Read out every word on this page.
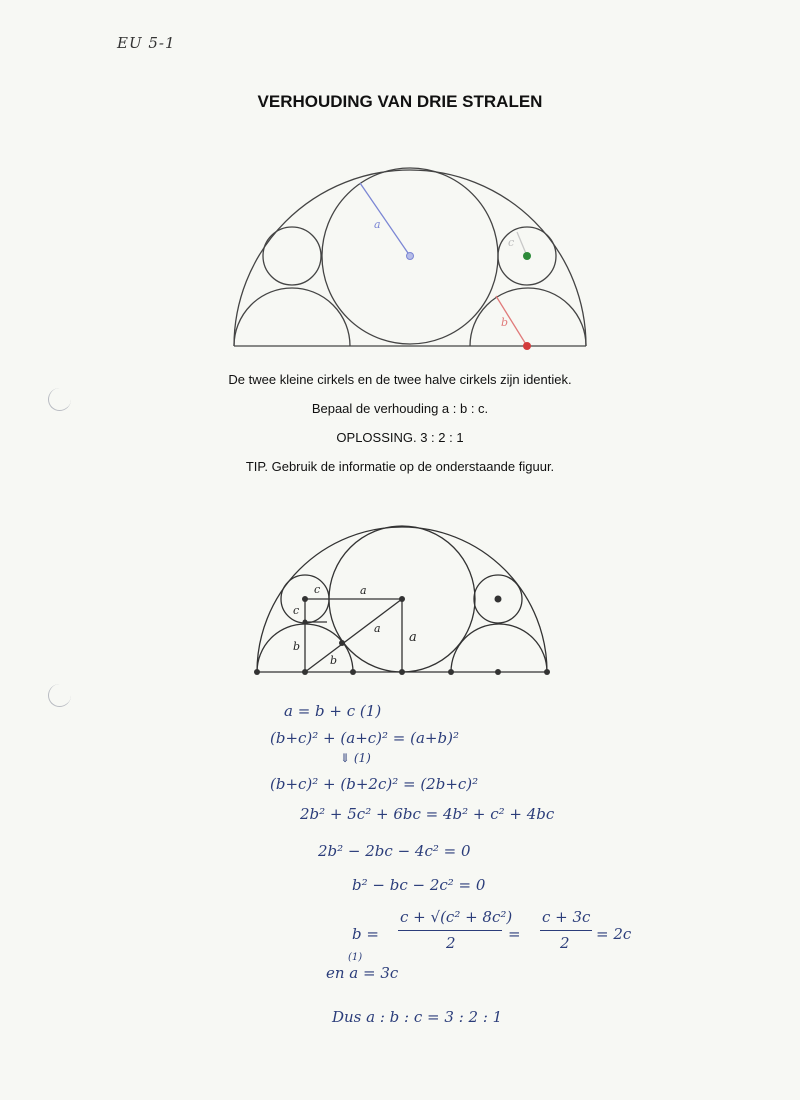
EU 5-1
VERHOUDING VAN DRIE STRALEN
a
b
c
De twee kleine cirkels en de twee halve cirkels zijn identiek.
Bepaal de verhouding a : b : c.
OPLOSSING. 3 : 2 : 1
TIP. Gebruik de informatie op de onderstaande figuur.
a
a
a
b
b
c
c
a = b + c (1)
(b+c)² + (a+c)² = (a+b)²
⇓ (1)
(b+c)² + (b+2c)² = (2b+c)²
2b² + 5c² + 6bc = 4b² + c² + 4bc
2b² − 2bc − 4c² = 0
b² − bc − 2c² = 0
b =
c + √(c² + 8c²)
2	=
c + 3c
2 = 2c
en a = 3c
(1)
Dus a : b : c = 3 : 2 : 1
